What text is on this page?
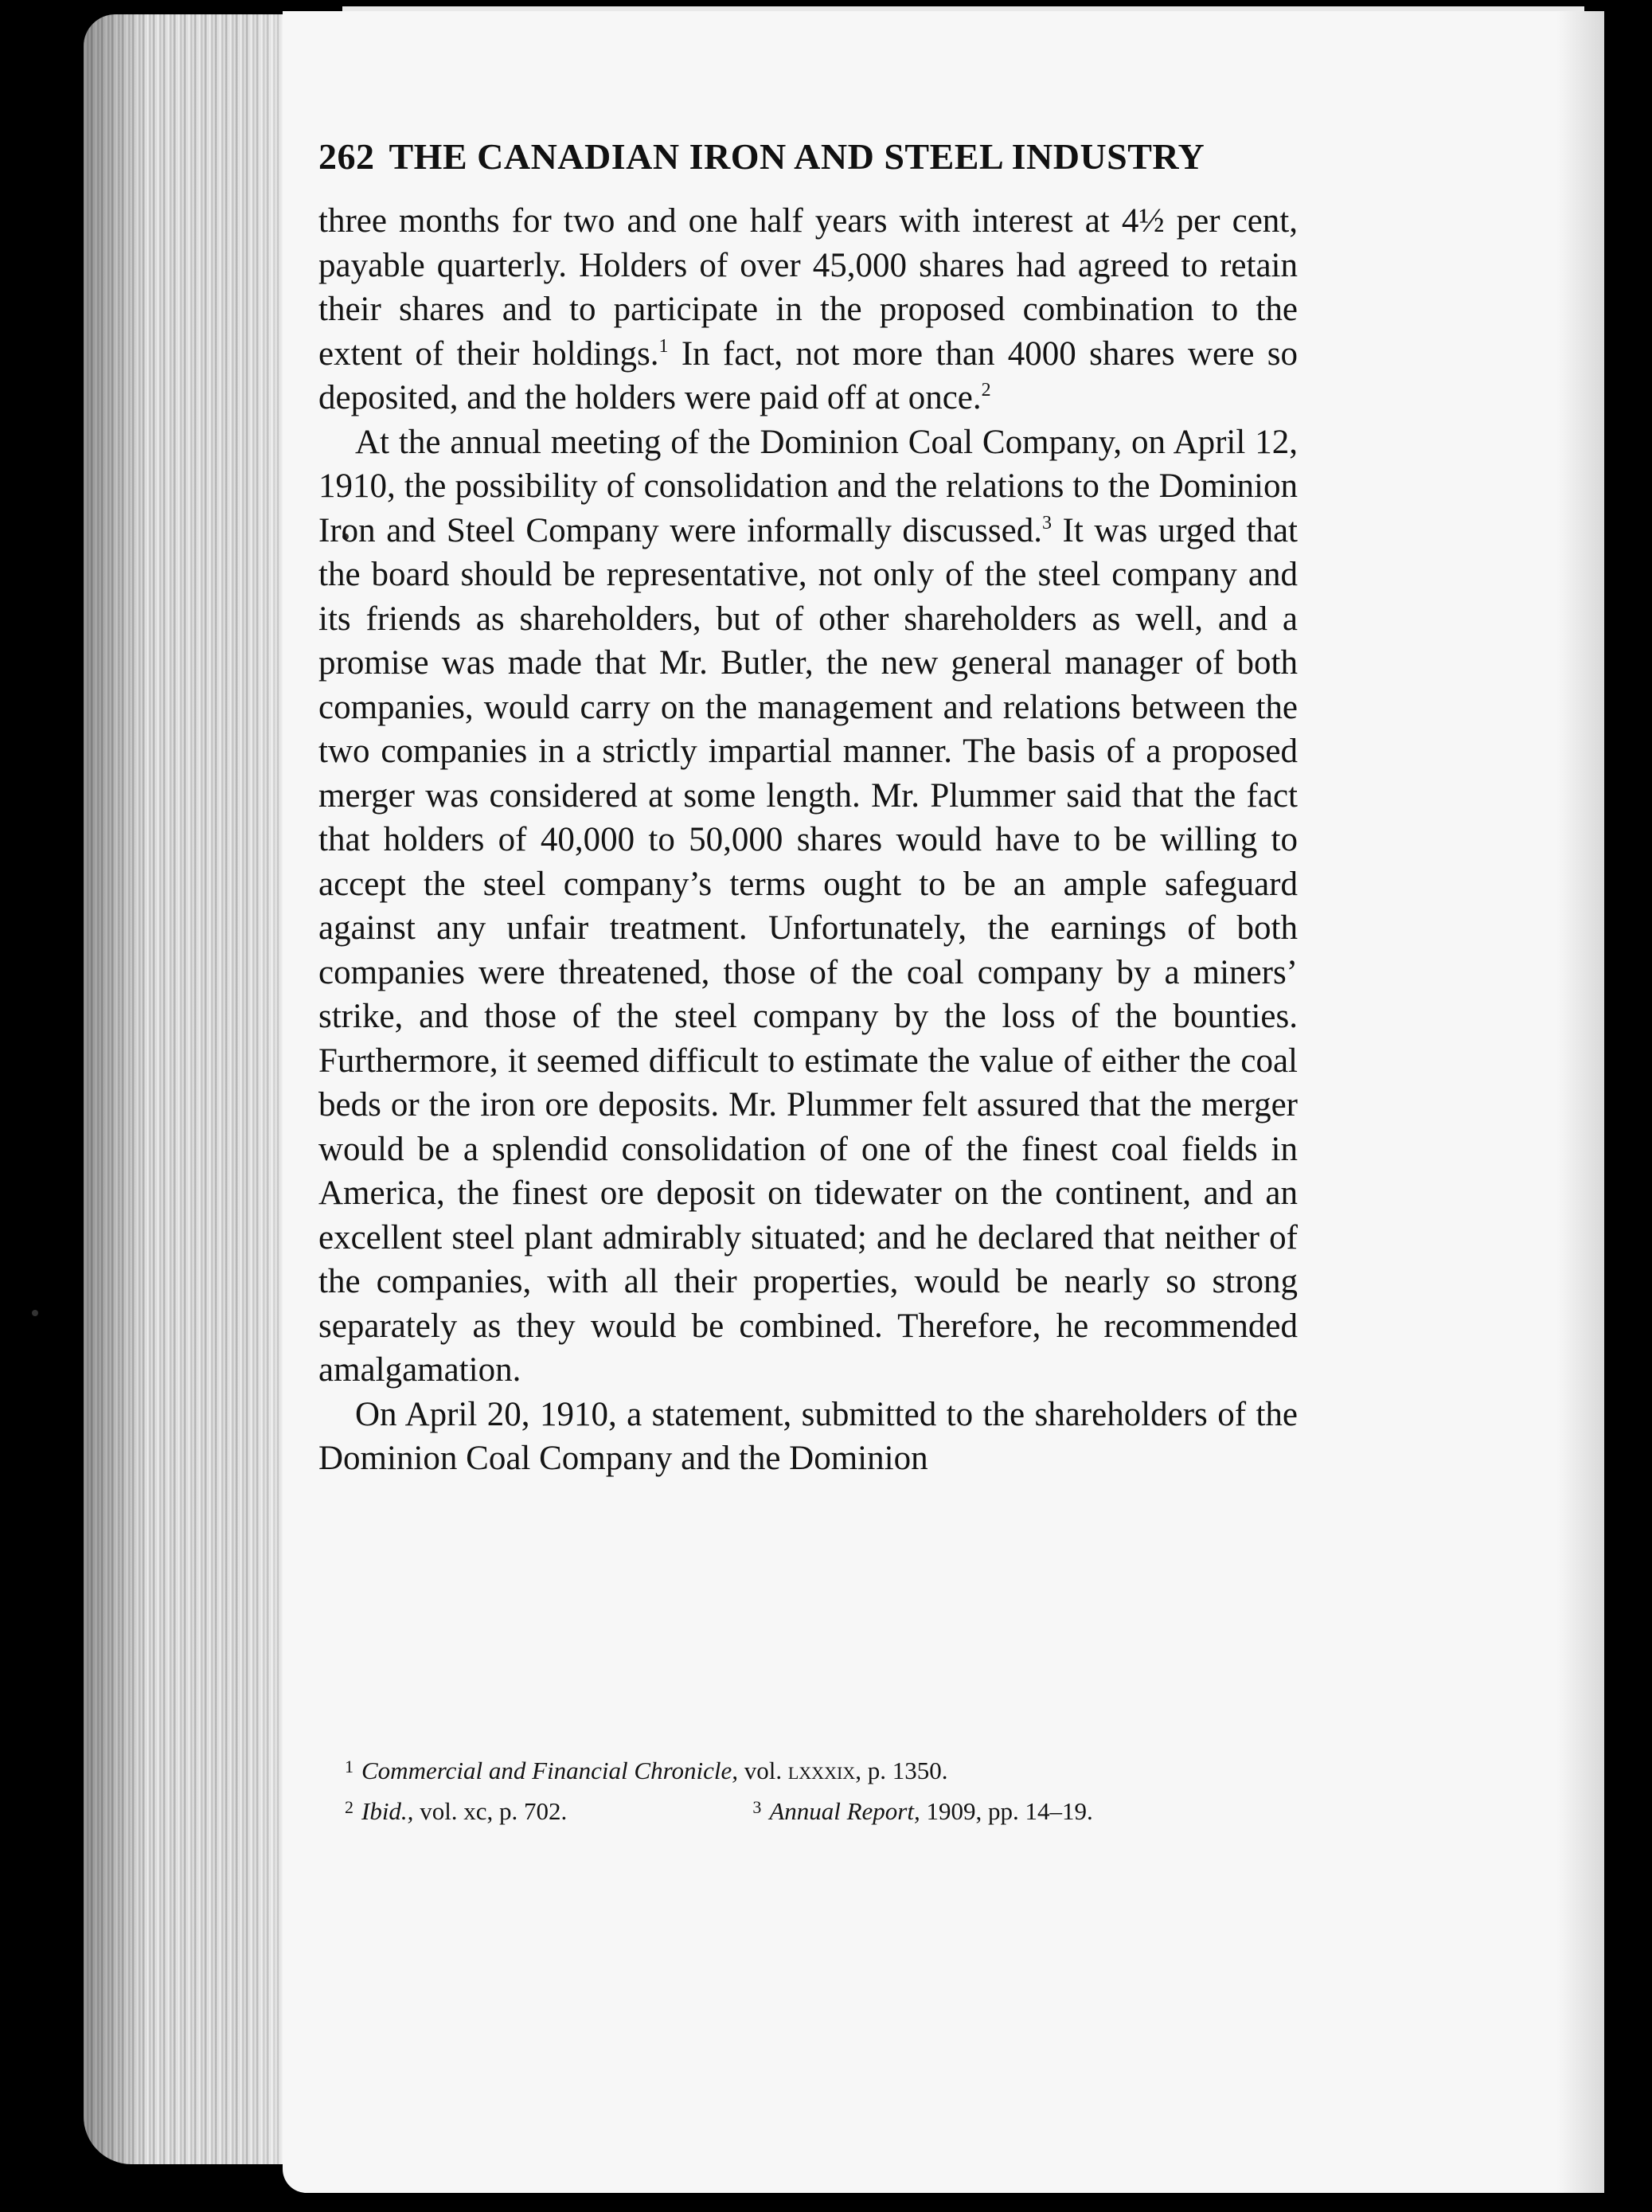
262 THE CANADIAN IRON AND STEEL INDUSTRY

three months for two and one half years with interest at 4½ per cent, payable quarterly. Holders of over 45,000 shares had agreed to retain their shares and to participate in the proposed combination to the extent of their holdings.$^1$ In fact, not more than 4000 shares were so deposited, and the holders were paid off at once.$^2$

At the annual meeting of the Dominion Coal Company, on April 12, 1910, the possibility of consolidation and the relations to the Dominion Iron and Steel Company were informally discussed.$^3$ It was urged that the board should be representative, not only of the steel company and its friends as shareholders, but of other shareholders as well, and a promise was made that Mr. Butler, the new general manager of both companies, would carry on the management and relations between the two companies in a strictly impartial manner. The basis of a proposed merger was considered at some length. Mr. Plummer said that the fact that holders of 40,000 to 50,000 shares would have to be willing to accept the steel company’s terms ought to be an ample safeguard against any unfair treatment. Unfortunately, the earnings of both companies were threatened, those of the coal company by a miners’ strike, and those of the steel company by the loss of the bounties. Furthermore, it seemed difficult to estimate the value of either the coal beds or the iron ore deposits. Mr. Plummer felt assured that the merger would be a splendid consolidation of one of the finest coal fields in America, the finest ore deposit on tidewater on the continent, and an excellent steel plant admirably situated; and he declared that neither of the companies, with all their properties, would be nearly so strong separately as they would be combined. Therefore, he recommended amalgamation.

On April 20, 1910, a statement, submitted to the shareholders of the Dominion Coal Company and the Dominion

1 Commercial and Financial Chronicle, vol. lxxxix, p. 1350.
2 Ibid., vol. xc, p. 702.	3 Annual Report, 1909, pp. 14–19.
